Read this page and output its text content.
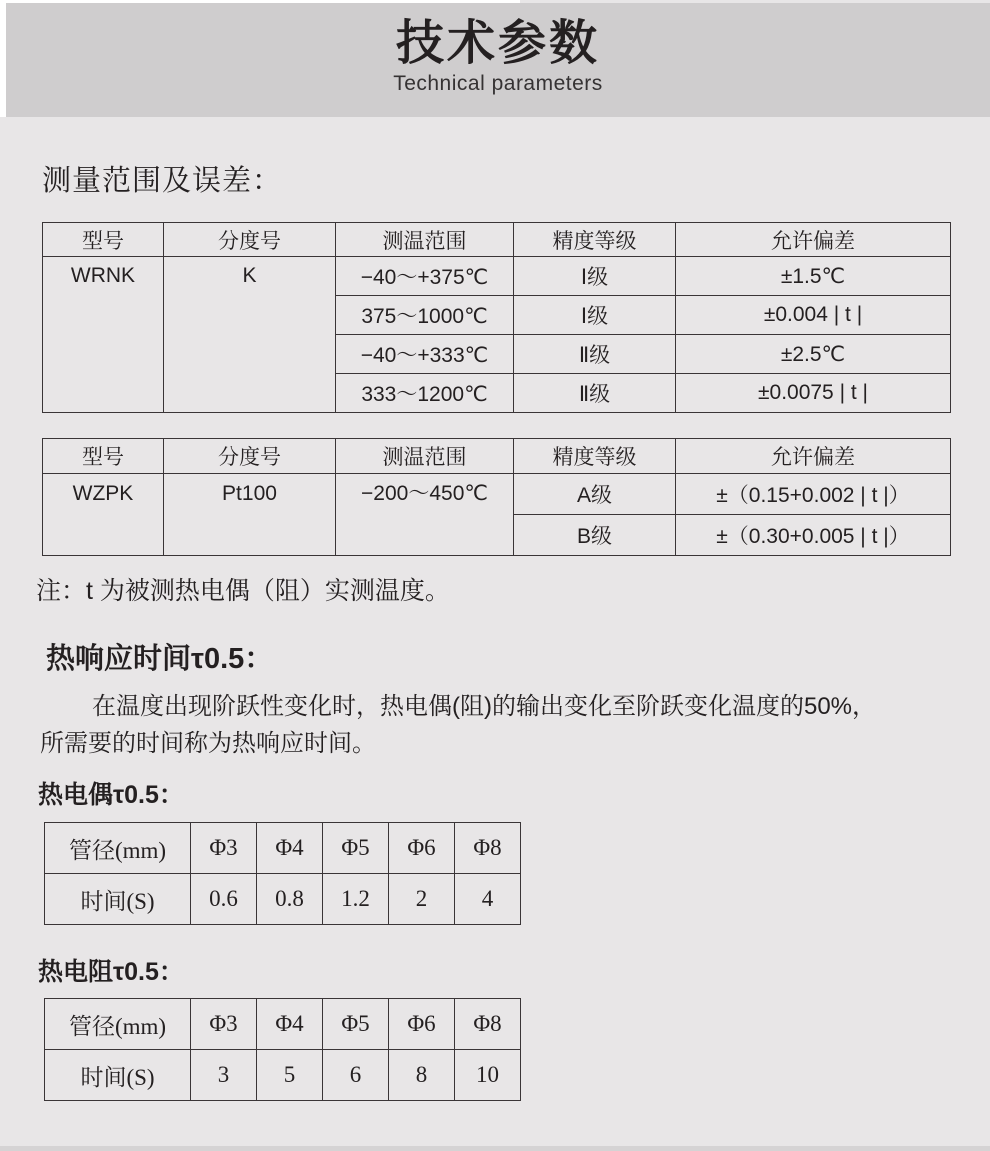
技术参数
Technical parameters
测量范围及误差：
型号	分度号	测温范围	精度等级	允许偏差
WRNK	K	−40～+375℃	Ⅰ级	±1.5℃
		375～1000℃	Ⅰ级	±0.004 | t |
		−40～+333℃	Ⅱ级	±2.5℃
		333～1200℃	Ⅱ级	±0.0075 | t |
型号	分度号	测温范围	精度等级	允许偏差
WZPK	Pt100	−200～450℃	A级	±（0.15+0.002 | t |）
			B级	±（0.30+0.005 | t |）
注：t 为被测热电偶（阻）实测温度。
热响应时间τ0.5：
在温度出现阶跃性变化时，热电偶(阻)的输出变化至阶跃变化温度的50%，
所需要的时间称为热响应时间。
热电偶τ0.5：
管径(mm)	Φ3	Φ4	Φ5	Φ6	Φ8
时间(S)	0.6	0.8	1.2	2	4
热电阻τ0.5：
管径(mm)	Φ3	Φ4	Φ5	Φ6	Φ8
时间(S)	3	5	6	8	10
